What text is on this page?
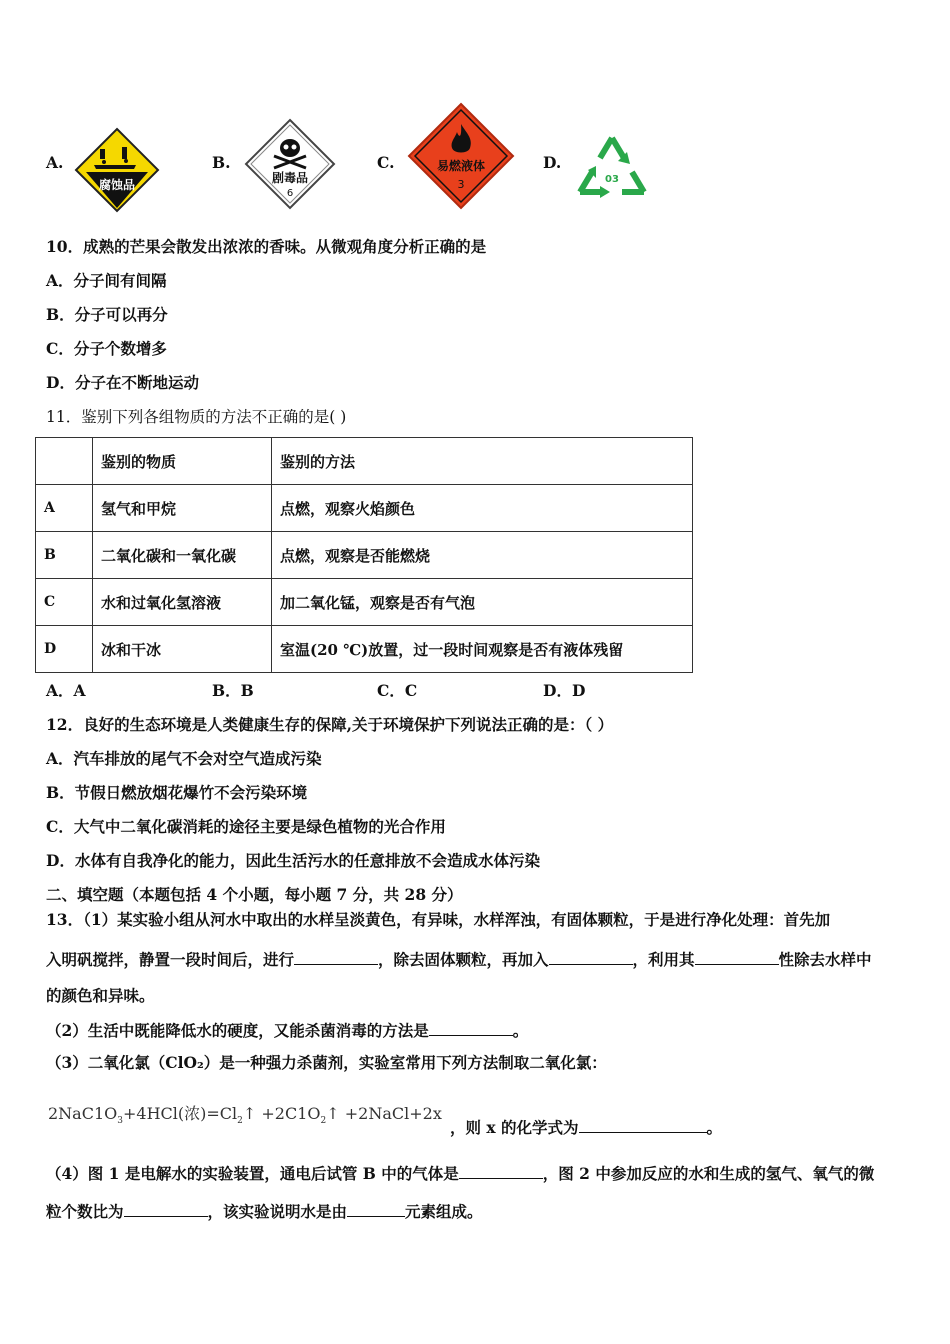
A.
腐蚀品
B.
剧毒品
6
C.	易燃液体
3
D.
03
10．成熟的芒果会散发出浓浓的香味。从微观角度分析正确的是
A．分子间有间隔
B．分子可以再分
C．分子个数增多
D．分子在不断地运动
11．鉴别下列各组物质的方法不正确的是( )
	鉴别的物质	鉴别的方法
A	氢气和甲烷	点燃，观察火焰颜色
B	二氧化碳和一氧化碳	点燃，观察是否能燃烧
C	水和过氧化氢溶液	加二氧化锰，观察是否有气泡
D	冰和干冰	室温(20 ℃)放置，过一段时间观察是否有液体残留
A．A	B．B	C．C	D．D
12．良好的生态环境是人类健康生存的保障,关于环境保护下列说法正确的是：（ ）
A．汽车排放的尾气不会对空气造成污染
B．节假日燃放烟花爆竹不会污染环境
C．大气中二氧化碳消耗的途径主要是绿色植物的光合作用
D．水体有自我净化的能力，因此生活污水的任意排放不会造成水体污染
二、填空题（本题包括 4 个小题，每小题 7 分，共 28 分）
13．（1）某实验小组从河水中取出的水样呈淡黄色，有异味，水样浑浊，有固体颗粒，于是进行净化处理：首先加
入明矾搅拌，静置一段时间后，进行	，除去固体颗粒，再加入	，利用其	性除去水样中
的颜色和异味。
（2）生活中既能降低水的硬度，又能杀菌消毒的方法是	。
（3）二氧化氯（ClO₂）是一种强力杀菌剂，实验室常用下列方法制取二氧化氯：
$2NaC1O_3+4HCl$(浓)$=Cl_2↑$ $+2C1O_2↑$ +2NaCl+2x
，则 x 的化学式为	。
（4）图 1 是电解水的实验装置，通电后试管 B 中的气体是	，图 2 中参加反应的水和生成的氢气、氧气的微
粒个数比为	，该实验说明水是由	元素组成。
